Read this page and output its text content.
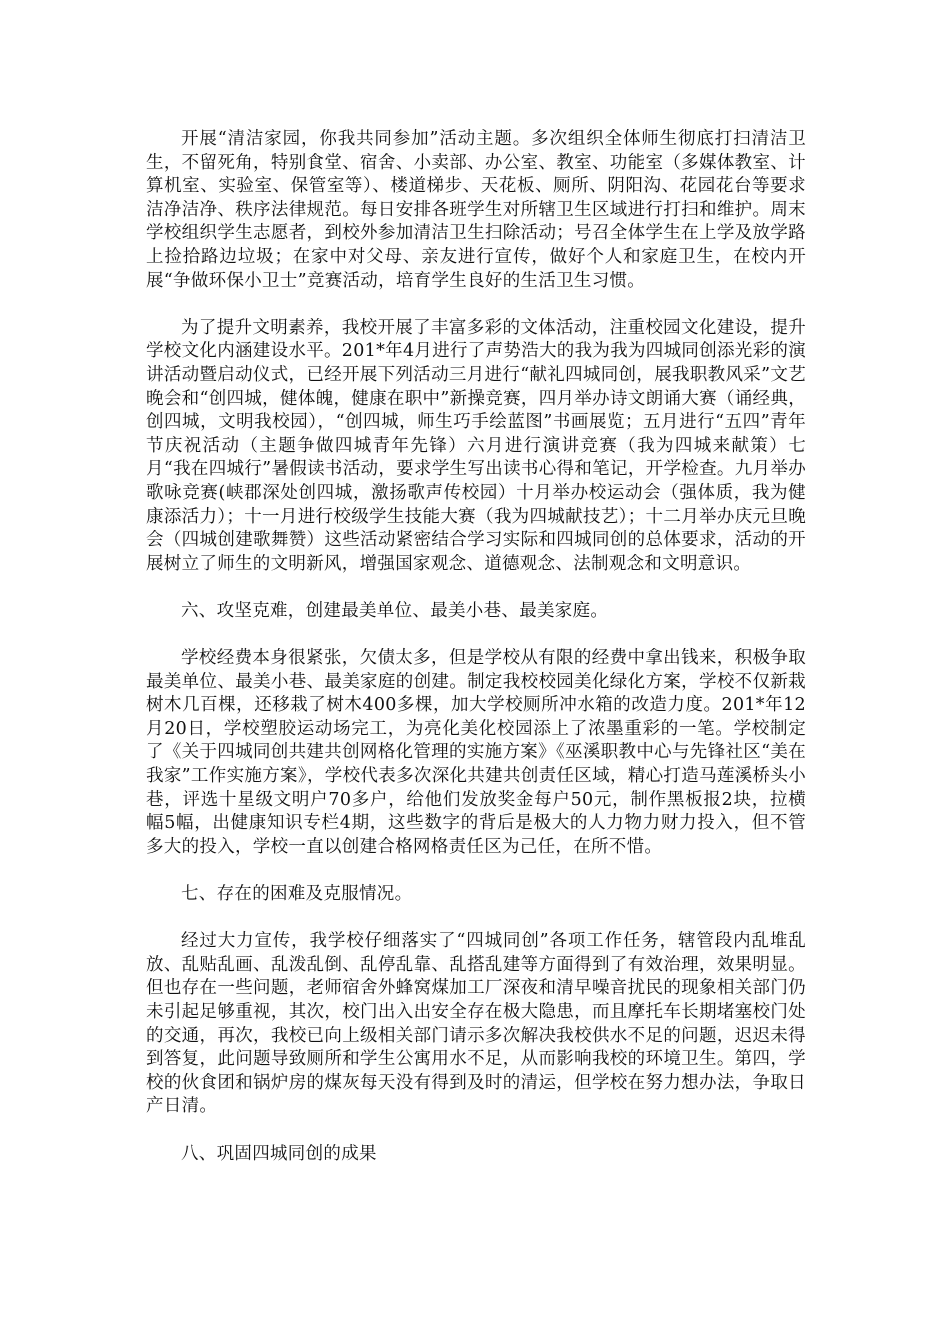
开展“清洁家园，你我共同参加”活动主题。多次组织全体师生彻底打扫清洁卫生，不留死角，特别食堂、宿舍、小卖部、办公室、教室、功能室（多媒体教室、计算机室、实验室、保管室等）、楼道梯步、天花板、厕所、阴阳沟、花园花台等要求洁净洁净、秩序法律规范。每日安排各班学生对所辖卫生区域进行打扫和维护。周末学校组织学生志愿者，到校外参加清洁卫生扫除活动；号召全体学生在上学及放学路上捡拾路边垃圾；在家中对父母、亲友进行宣传，做好个人和家庭卫生，在校内开展“争做环保小卫士”竞赛活动，培育学生良好的生活卫生习惯。

为了提升文明素养，我校开展了丰富多彩的文体活动，注重校园文化建设，提升学校文化内涵建设水平。201*年4月进行了声势浩大的我为我为四城同创添光彩的演讲活动暨启动仪式，已经开展下列活动三月进行“献礼四城同创，展我职教风采”文艺晚会和“创四城，健体魄，健康在职中”新操竞赛，四月举办诗文朗诵大赛（诵经典，创四城，文明我校园），“创四城，师生巧手绘蓝图”书画展览；五月进行“五四”青年节庆祝活动（主题争做四城青年先锋）六月进行演讲竞赛（我为四城来献策）七月“我在四城行”暑假读书活动，要求学生写出读书心得和笔记，开学检查。九月举办歌咏竞赛(峡郡深处创四城，激扬歌声传校园）十月举办校运动会（强体质，我为健康添活力）；十一月进行校级学生技能大赛（我为四城献技艺）；十二月举办庆元旦晚会（四城创建歌舞赞）这些活动紧密结合学习实际和四城同创的总体要求，活动的开展树立了师生的文明新风，增强国家观念、道德观念、法制观念和文明意识。

六、攻坚克难，创建最美单位、最美小巷、最美家庭。

学校经费本身很紧张，欠债太多，但是学校从有限的经费中拿出钱来，积极争取最美单位、最美小巷、最美家庭的创建。制定我校校园美化绿化方案，学校不仅新栽树木几百棵，还移栽了树木400多棵，加大学校厕所冲水箱的改造力度。201*年12月20日，学校塑胶运动场完工，为亮化美化校园添上了浓墨重彩的一笔。学校制定了《关于四城同创共建共创网格化管理的实施方案》《巫溪职教中心与先锋社区“美在我家”工作实施方案》，学校代表多次深化共建共创责任区域，精心打造马莲溪桥头小巷，评选十星级文明户70多户，给他们发放奖金每户50元，制作黑板报2块，拉横幅5幅，出健康知识专栏4期，这些数字的背后是极大的人力物力财力投入，但不管多大的投入，学校一直以创建合格网格责任区为己任，在所不惜。

七、存在的困难及克服情况。

经过大力宣传，我学校仔细落实了“四城同创”各项工作任务，辖管段内乱堆乱放、乱贴乱画、乱泼乱倒、乱停乱靠、乱搭乱建等方面得到了有效治理，效果明显。但也存在一些问题，老师宿舍外蜂窝煤加工厂深夜和清早噪音扰民的现象相关部门仍未引起足够重视，其次，校门出入出安全存在极大隐患，而且摩托车长期堵塞校门处的交通，再次，我校已向上级相关部门请示多次解决我校供水不足的问题，迟迟未得到答复，此问题导致厕所和学生公寓用水不足，从而影响我校的环境卫生。第四，学校的伙食团和锅炉房的煤灰每天没有得到及时的清运，但学校在努力想办法，争取日产日清。

八、巩固四城同创的成果
